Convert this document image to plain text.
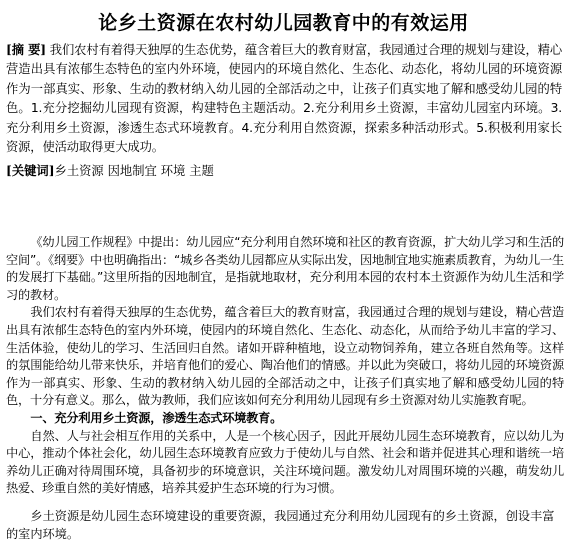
论乡土资源在农村幼儿园教育中的有效运用
[摘 要] 我们农村有着得天独厚的生态优势，蕴含着巨大的教育财富，我园通过合理的规划与建设，精心营造出具有浓郁生态特色的室内外环境，使园内的环境自然化、生态化、动态化，将幼儿园的环境资源作为一部真实、形象、生动的教材纳入幼儿园的全部活动之中，让孩子们真实地了解和感受幼儿园的特色。1.充分挖掘幼儿园现有资源，构建特色主题活动。2.充分利用乡土资源，丰富幼儿园室内环境。3.充分利用乡土资源，渗透生态式环境教育。4.充分利用自然资源，探索多种活动形式。5.积极利用家长资源，使活动取得更大成功。
[关键词]乡土资源 因地制宜 环境 主题

《幼儿园工作规程》中提出：幼儿园应“充分利用自然环境和社区的教育资源，扩大幼儿学习和生活的空间”。《纲要》中也明确指出：“城乡各类幼儿园都应从实际出发，因地制宜地实施素质教育，为幼儿一生的发展打下基础。”这里所指的因地制宜，是指就地取材，充分利用本园的农村本土资源作为幼儿生活和学习的教材。

我们农村有着得天独厚的生态优势，蕴含着巨大的教育财富，我园通过合理的规划与建设，精心营造出具有浓郁生态特色的室内外环境，使园内的环境自然化、生态化、动态化，从而给予幼儿丰富的学习、生活体验，使幼儿的学习、生活回归自然。诸如开辟种植地，设立动物饲养角，建立各班自然角等。这样的氛围能给幼儿带来快乐，并培育他们的爱心、陶冶他们的情感。并以此为突破口，将幼儿园的环境资源作为一部真实、形象、生动的教材纳入幼儿园的全部活动之中，让孩子们真实地了解和感受幼儿园的特色，十分有意义。那么，做为教师，我们应该如何充分利用幼儿园现有乡土资源对幼儿实施教育呢。

一、充分利用乡土资源，渗透生态式环境教育。

自然、人与社会相互作用的关系中，人是一个核心因子，因此开展幼儿园生态环境教育，应以幼儿为中心，推动个体社会化，幼儿园生态环境教育应致力于使幼儿与自然、社会和谐并促进其心理和谐统一培养幼儿正确对待周围环境，具备初步的环境意识，关注环境问题。激发幼儿对周围环境的兴趣，萌发幼儿热爱、珍重自然的美好情感，培养其爱护生态环境的行为习惯。

乡土资源是幼儿园生态环境建设的重要资源，我园通过充分利用幼儿园现有的乡土资源，创设丰富的室内环境。
